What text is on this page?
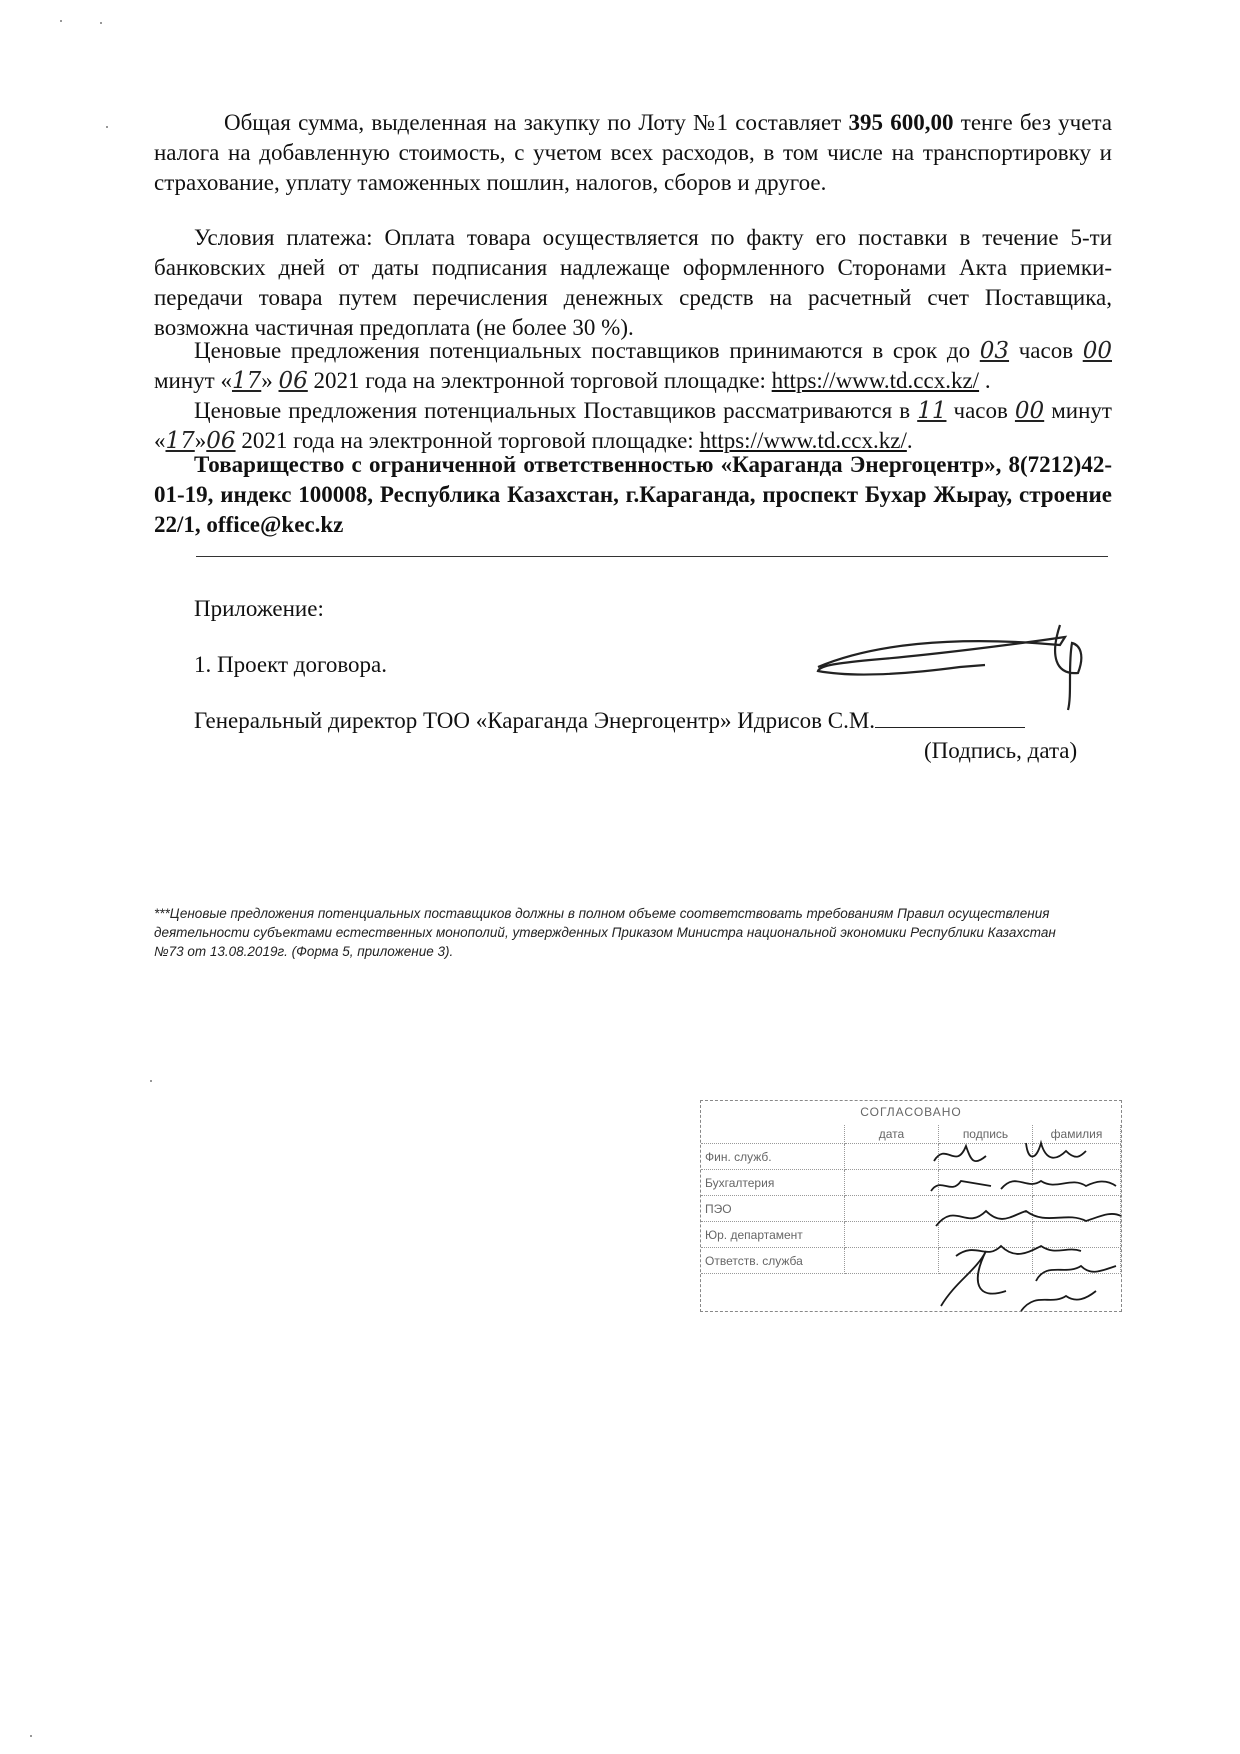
Общая сумма, выделенная на закупку по Лоту №1 составляет 395 600,00 тенге без учета налога на добавленную стоимость, с учетом всех расходов, в том числе на транспортировку и страхование, уплату таможенных пошлин, налогов, сборов и другое.
Условия платежа: Оплата товара осуществляется по факту его поставки в течение 5-ти банковских дней от даты подписания надлежаще оформленного Сторонами Акта приемки-передачи товара путем перечисления денежных средств на расчетный счет Поставщика, возможна частичная предоплата (не более 30 %).
Ценовые предложения потенциальных поставщиков принимаются в срок до 03 часов 00 минут «17» 06 2021 года на электронной торговой площадке: https://www.td.ccx.kz/ .
Ценовые предложения потенциальных Поставщиков рассматриваются в 11 часов 00 минут «17»06 2021 года на электронной торговой площадке: https://www.td.ccx.kz/.
Товарищество с ограниченной ответственностью «Караганда Энергоцентр», 8(7212)42-01-19, индекс 100008, Республика Казахстан, г.Караганда, проспект Бухар Жырау, строение 22/1, office@kec.kz
Приложение:
1. Проект договора.
Генеральный директор ТОО «Караганда Энергоцентр» Идрисов С.М.
(Подпись, дата)
***Ценовые предложения потенциальных поставщиков должны в полном объеме соответствовать требованиям Правил осуществления деятельности субъектами естественных монополий, утвержденных Приказом Министра национальной экономики Республики Казахстан №73 от 13.08.2019г. (Форма 5, приложение 3).
СОГЛАСОВАНО
	дата	подпись	фамилия
Фин. служб.			
Бухгалтерия			
ПЭО			
Юр. департамент			
Ответств. служба			
